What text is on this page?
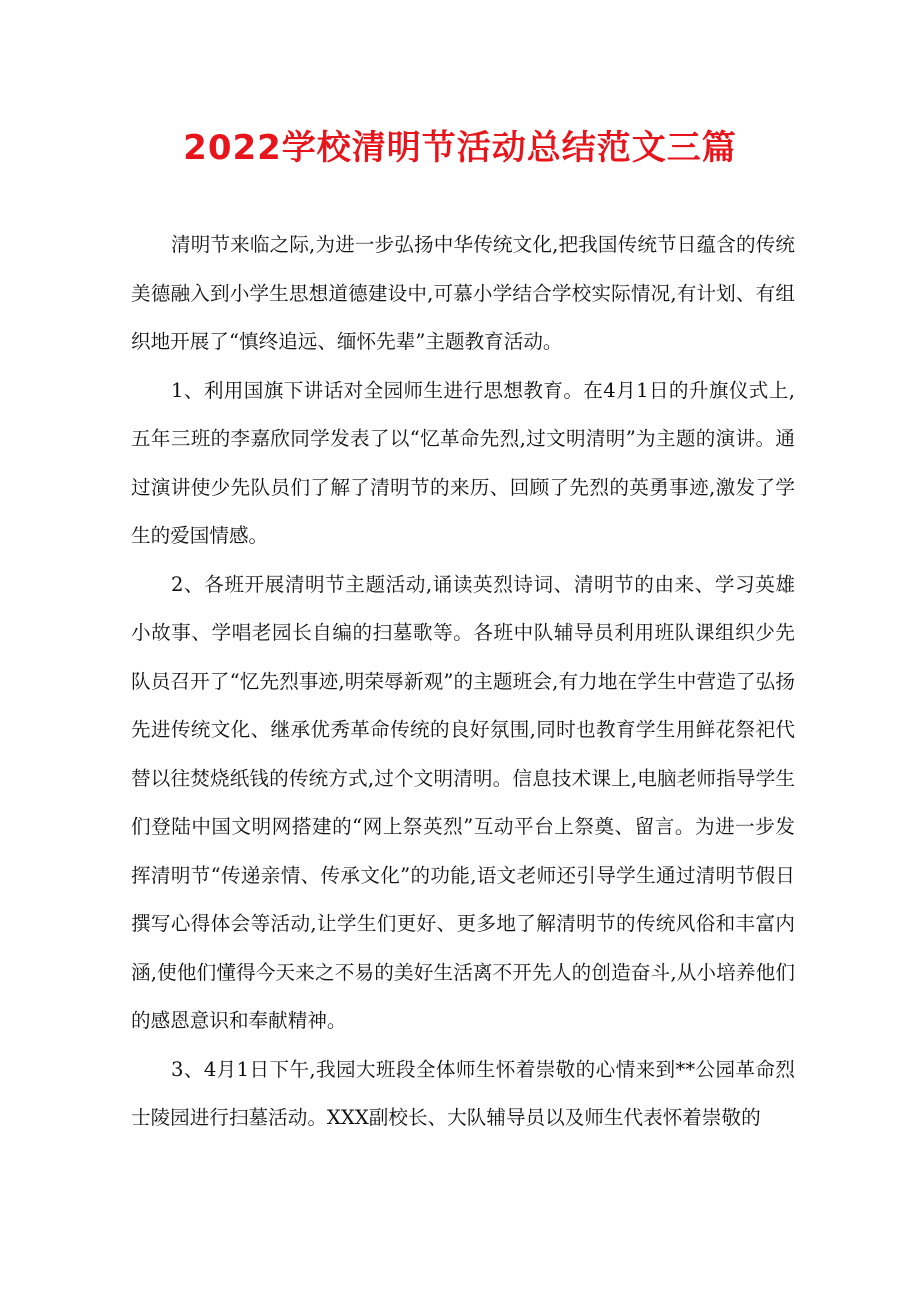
2022学校清明节活动总结范文三篇

清明节来临之际,为进一步弘扬中华传统文化,把我国传统节日蕴含的传统美德融入到小学生思想道德建设中,可慕小学结合学校实际情况,有计划、有组织地开展了“慎终追远、缅怀先辈”主题教育活动。

1、利用国旗下讲话对全园师生进行思想教育。在4月1日的升旗仪式上,五年三班的李嘉欣同学发表了以“忆革命先烈,过文明清明”为主题的演讲。通过演讲使少先队员们了解了清明节的来历、回顾了先烈的英勇事迹,激发了学生的爱国情感。

2、各班开展清明节主题活动,诵读英烈诗词、清明节的由来、学习英雄小故事、学唱老园长自编的扫墓歌等。各班中队辅导员利用班队课组织少先队员召开了“忆先烈事迹,明荣辱新观”的主题班会,有力地在学生中营造了弘扬先进传统文化、继承优秀革命传统的良好氛围,同时也教育学生用鲜花祭祀代替以往焚烧纸钱的传统方式,过个文明清明。信息技术课上,电脑老师指导学生们登陆中国文明网搭建的“网上祭英烈”互动平台上祭奠、留言。为进一步发挥清明节“传递亲情、传承文化”的功能,语文老师还引导学生通过清明节假日撰写心得体会等活动,让学生们更好、更多地了解清明节的传统风俗和丰富内涵,使他们懂得今天来之不易的美好生活离不开先人的创造奋斗,从小培养他们的感恩意识和奉献精神。

3、4月1日下午,我园大班段全体师生怀着崇敬的心情来到**公园革命烈士陵园进行扫墓活动。XXX副校长、大队辅导员以及师生代表怀着崇敬的
